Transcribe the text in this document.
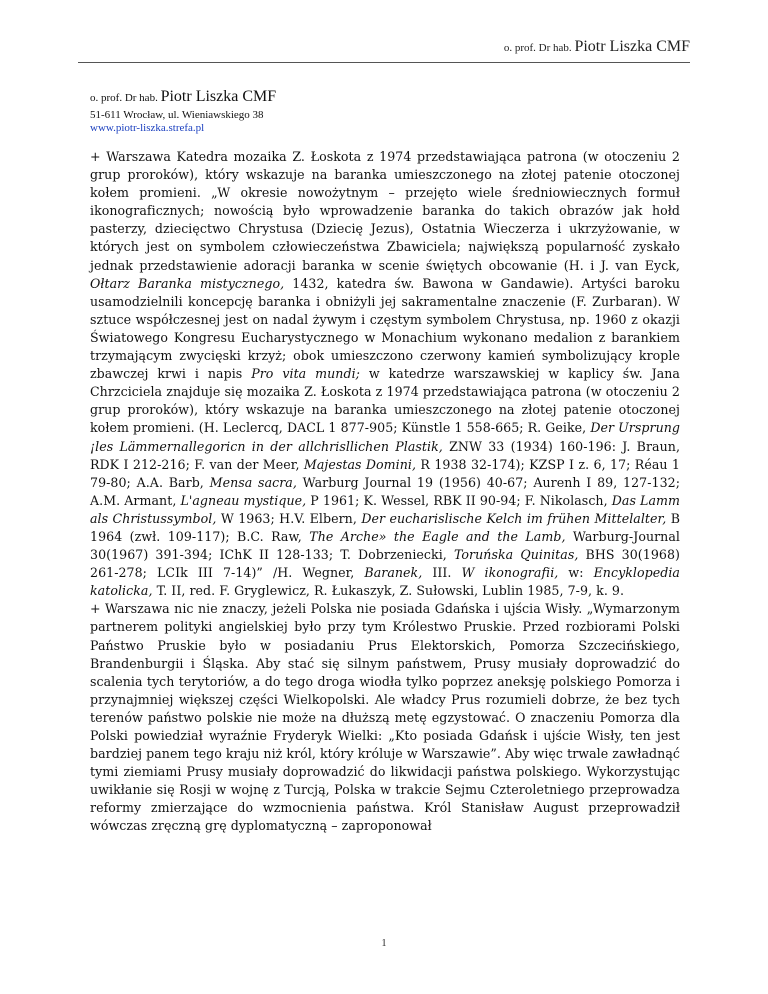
o. prof. Dr hab. Piotr Liszka CMF
o. prof. Dr hab. Piotr Liszka CMF
51-611 Wrocław, ul. Wieniawskiego 38
www.piotr-liszka.strefa.pl

+ Warszawa Katedra mozaika Z. Łoskota z 1974 przedstawiająca patrona (w otoczeniu 2 grup proroków), który wskazuje na baranka umieszczonego na złotej patenie otoczonej kołem promieni. „W okresie nowożytnym – przejęto wiele średniowiecznych formuł ikonograficznych; nowością było wprowadzenie baranka do takich obrazów jak hołd pasterzy, dziecięctwo Chrystusa (Dziecię Jezus), Ostatnia Wieczerza i ukrzyżowanie, w których jest on symbolem człowieczeństwa Zbawiciela; największą popularność zyskało jednak przedstawienie adoracji baranka w scenie świętych obcowanie (H. i J. van Eyck, Ołtarz Baranka mistycznego, 1432, katedra św. Bawona w Gandawie). Artyści baroku usamodzielnili koncepcję baranka i obniżyli jej sakramentalne znaczenie (F. Zurbaran). W sztuce współczesnej jest on nadal żywym i częstym symbolem Chrystusa, np. 1960 z okazji Światowego Kongresu Eucharystycznego w Monachium wykonano medalion z barankiem trzymającym zwycięski krzyż; obok umieszczono czerwony kamień symbolizujący krople zbawczej krwi i napis Pro vita mundi; w katedrze warszawskiej w kaplicy św. Jana Chrzciciela znajduje się mozaika Z. Łoskota z 1974 przedstawiająca patrona (w otoczeniu 2 grup proroków), który wskazuje na baranka umieszczonego na złotej patenie otoczonej kołem promieni. (H. Leclercq, DACL 1 877-905; Künstle 1 558-665; R. Geike, Der Ursprung ¡les Lämmernallegoricn in der allchrisllichen Plastik, ZNW 33 (1934) 160-196: J. Braun, RDK I 212-216; F. van der Meer, Majestas Domini, R 1938 32-174); KZSP I z. 6, 17; Réau 1 79-80; A.A. Barb, Mensa sacra, Warburg Journal 19 (1956) 40-67; Aurenh I 89, 127-132; A.M. Armant, L'agneau mystique, P 1961; K. Wessel, RBK II 90-94; F. Nikolasch, Das Lamm als Christussymbol, W 1963; H.V. Elbern, Der eucharislische Kelch im frühen Mittelalter, B 1964 (zwł. 109-117); B.C. Raw, The Arche» the Eagle and the Lamb, Warburg-Journal 30(1967) 391-394; IChK II 128-133; T. Dobrzeniecki, Toruńska Quinitas, BHS 30(1968) 261-278; LCIk III 7-14)” /H. Wegner, Baranek, III. W ikonografii, w: Encyklopedia katolicka, T. II, red. F. Gryglewicz, R. Łukaszyk, Z. Sułowski, Lublin 1985, 7-9, k. 9.

+ Warszawa nic nie znaczy, jeżeli Polska nie posiada Gdańska i ujścia Wisły. „Wymarzonym partnerem polityki angielskiej było przy tym Królestwo Pruskie. Przed rozbiorami Polski Państwo Pruskie było w posiadaniu Prus Elektorskich, Pomorza Szczecińskiego, Brandenburgii i Śląska. Aby stać się silnym państwem, Prusy musiały doprowadzić do scalenia tych terytoriów, a do tego droga wiodła tylko poprzez aneksję polskiego Pomorza i przynajmniej większej części Wielkopolski. Ale władcy Prus rozumieli dobrze, że bez tych terenów państwo polskie nie może na dłuższą metę egzystować. O znaczeniu Pomorza dla Polski powiedział wyraźnie Fryderyk Wielki: „Kto posiada Gdańsk i ujście Wisły, ten jest bardziej panem tego kraju niż król, który króluje w Warszawie”. Aby więc trwale zawładnąć tymi ziemiami Prusy musiały doprowadzić do likwidacji państwa polskiego. Wykorzystując uwikłanie się Rosji w wojnę z Turcją, Polska w trakcie Sejmu Czteroletniego przeprowadza reformy zmierzające do wzmocnienia państwa. Król Stanisław August przeprowadził wówczas zręczną grę dyplomatyczną – zaproponował

1
